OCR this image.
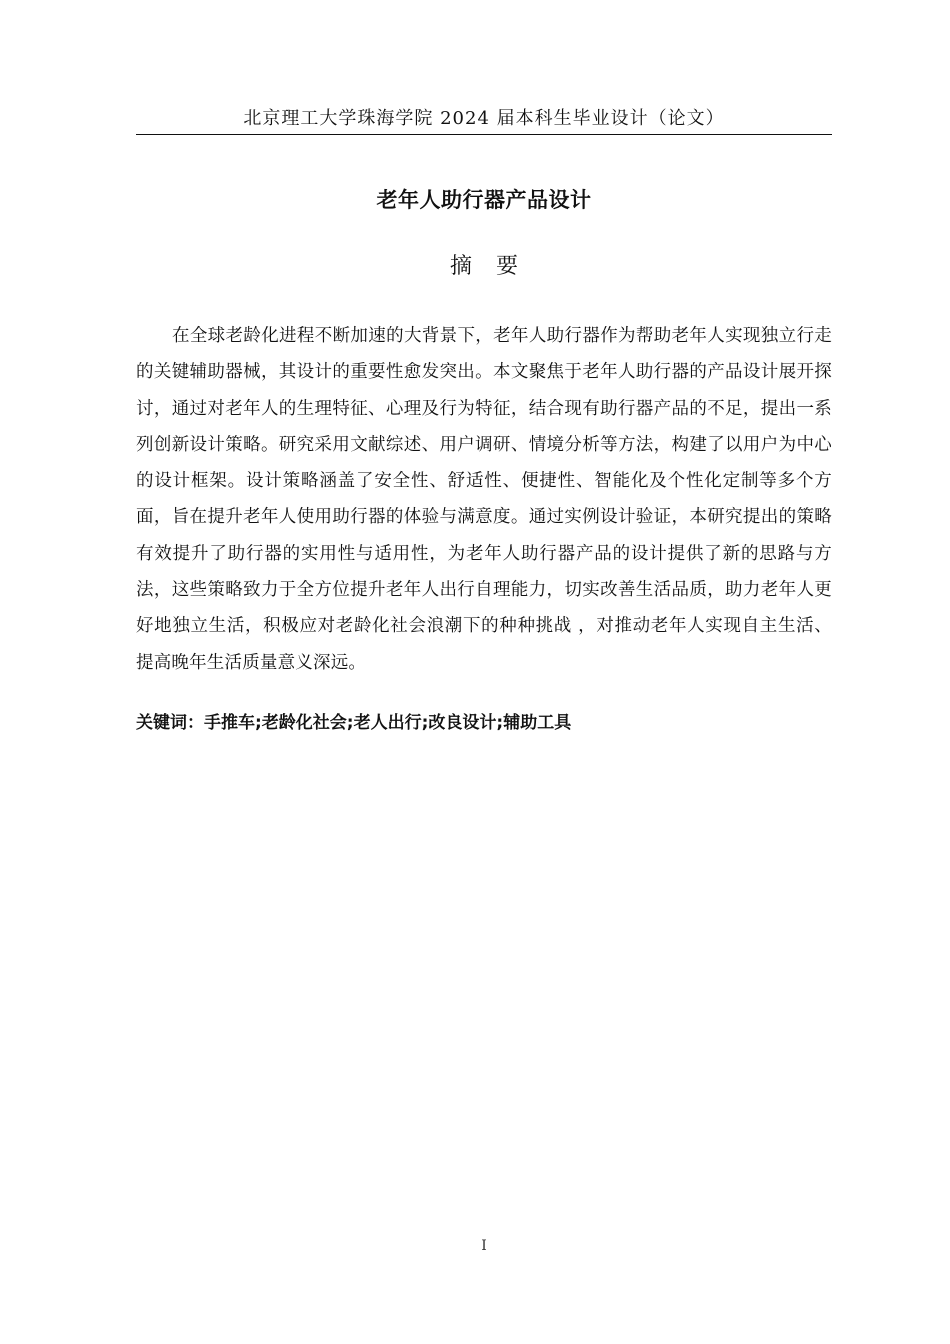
北京理工大学珠海学院 2024 届本科生毕业设计（论文）
老年人助行器产品设计
摘要

在全球老龄化进程不断加速的大背景下，老年人助行器作为帮助老年人实现独立行走的关键辅助器械，其设计的重要性愈发突出。本文聚焦于老年人助行器的产品设计展开探讨，通过对老年人的生理特征、心理及行为特征，结合现有助行器产品的不足，提出一系列创新设计策略。研究采用文献综述、用户调研、情境分析等方法，构建了以用户为中心的设计框架。设计策略涵盖了安全性、舒适性、便捷性、智能化及个性化定制等多个方面，旨在提升老年人使用助行器的体验与满意度。通过实例设计验证，本研究提出的策略有效提升了助行器的实用性与适用性，为老年人助行器产品的设计提供了新的思路与方法，这些策略致力于全方位提升老年人出行自理能力，切实改善生活品质，助力老年人更好地独立生活，积极应对老龄化社会浪潮下的种种挑战 ，对推动老年人实现自主生活、提高晚年生活质量意义深远。

关键词：手推车;老龄化社会;老人出行;改良设计;辅助工具
I
